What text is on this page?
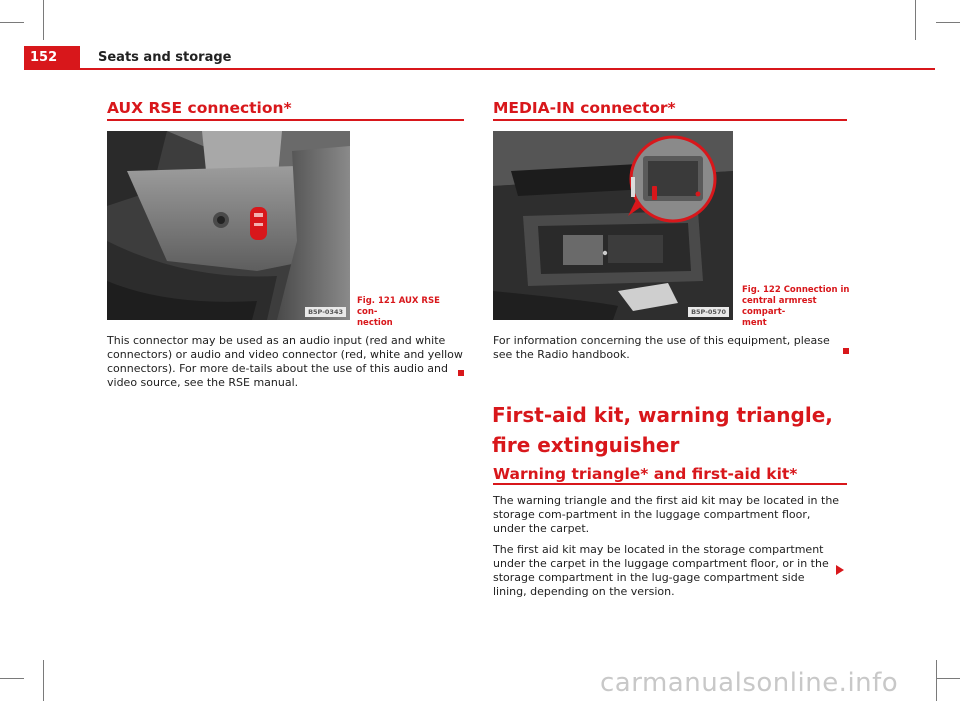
152	Seats and storage
AUX RSE connection*
B5P-0343
Fig. 121 AUX RSE con-
nection

This connector may be used as an audio input (red and white connectors) or audio and video connector (red, white and yellow connectors). For more de-tails about the use of this audio and video source, see the RSE manual.

MEDIA-IN connector*
B5P-0570
Fig. 122 Connection in
central armrest compart-
ment

For information concerning the use of this equipment, please see the Radio handbook.

First-aid kit, warning triangle, fire extinguisher
Warning triangle* and first-aid kit*

The warning triangle and the first aid kit may be located in the storage com-partment in the luggage compartment floor, under the carpet.

The first aid kit may be located in the storage compartment under the carpet in the luggage compartment floor, or in the storage compartment in the lug-gage compartment side lining, depending on the version.

carmanualsonline.info
